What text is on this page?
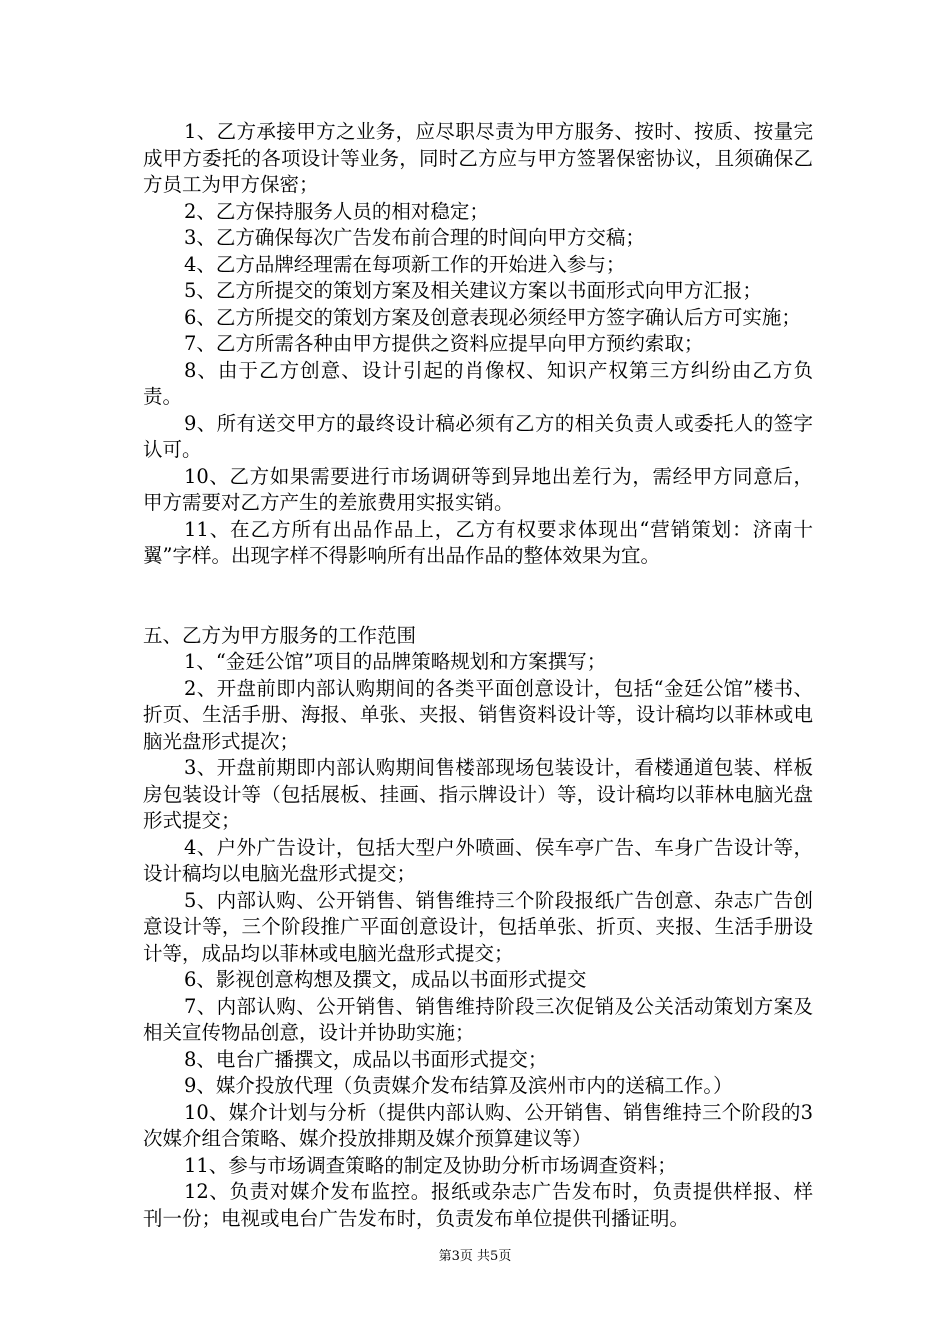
1、乙方承接甲方之业务，应尽职尽责为甲方服务、按时、按质、按量完成甲方委托的各项设计等业务，同时乙方应与甲方签署保密协议，且须确保乙方员工为甲方保密；

2、乙方保持服务人员的相对稳定；

3、乙方确保每次广告发布前合理的时间向甲方交稿；

4、乙方品牌经理需在每项新工作的开始进入参与；

5、乙方所提交的策划方案及相关建议方案以书面形式向甲方汇报；

6、乙方所提交的策划方案及创意表现必须经甲方签字确认后方可实施；

7、乙方所需各种由甲方提供之资料应提早向甲方预约索取；

8、由于乙方创意、设计引起的肖像权、知识产权第三方纠纷由乙方负责。

9、所有送交甲方的最终设计稿必须有乙方的相关负责人或委托人的签字认可。

10、乙方如果需要进行市场调研等到异地出差行为，需经甲方同意后，甲方需要对乙方产生的差旅费用实报实销。

11、在乙方所有出品作品上，乙方有权要求体现出“营销策划：济南十翼”字样。出现字样不得影响所有出品作品的整体效果为宜。

五、乙方为甲方服务的工作范围

1、“金廷公馆”项目的品牌策略规划和方案撰写；

2、开盘前即内部认购期间的各类平面创意设计，包括“金廷公馆”楼书、折页、生活手册、海报、单张、夹报、销售资料设计等，设计稿均以菲林或电脑光盘形式提次；

3、开盘前期即内部认购期间售楼部现场包装设计，看楼通道包装、样板房包装设计等（包括展板、挂画、指示牌设计）等，设计稿均以菲林电脑光盘形式提交；

4、户外广告设计，包括大型户外喷画、侯车亭广告、车身广告设计等，设计稿均以电脑光盘形式提交；

5、内部认购、公开销售、销售维持三个阶段报纸广告创意、杂志广告创意设计等，三个阶段推广平面创意设计，包括单张、折页、夹报、生活手册设计等，成品均以菲林或电脑光盘形式提交；

6、影视创意构想及撰文，成品以书面形式提交

7、内部认购、公开销售、销售维持阶段三次促销及公关活动策划方案及相关宣传物品创意，设计并协助实施；

8、电台广播撰文，成品以书面形式提交；

9、媒介投放代理（负责媒介发布结算及滨州市内的送稿工作。）

10、媒介计划与分析（提供内部认购、公开销售、销售维持三个阶段的3次媒介组合策略、媒介投放排期及媒介预算建议等）

11、参与市场调查策略的制定及协助分析市场调查资料；

12、负责对媒介发布监控。报纸或杂志广告发布时，负责提供样报、样刊一份；电视或电台广告发布时，负责发布单位提供刊播证明。

第3页 共5页
